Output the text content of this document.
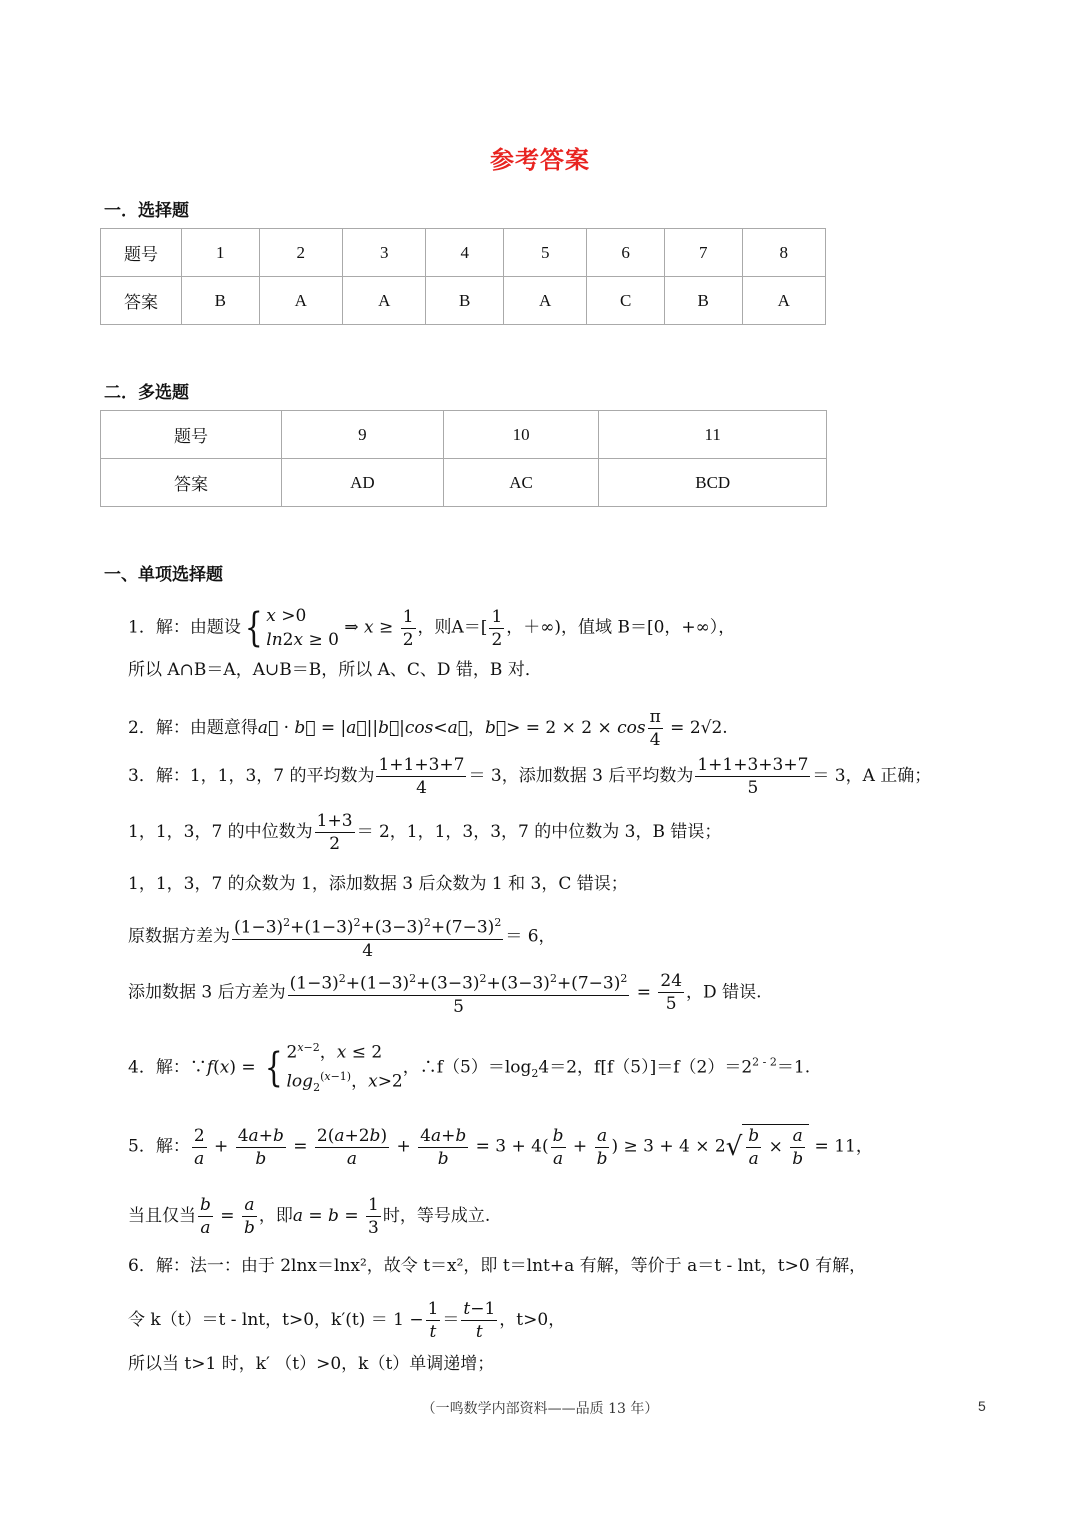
参考答案
一．选择题
题号	1	2	3	4	5	6	7	8
答案	B	A	A	B	A	C	B	A
二．多选题
题号	9	10	11
答案	AD	AC	BCD
一、单项选择题
1．解：由题设{ x >0
ln2x ≥ 0 ⇒ $x \ge \frac{1}{2}$ ，则$A=[ \frac{1}{2}$ ，＋∞)，值域 B＝[0，+∞），
所以 A∩B＝A，A∪B＝B，所以 A、C、D 错，B 对．
2．解：由题意得a⃗ · b⃗ = |a⃗||b⃗|cos<a⃗，b⃗> = $2 \times 2 \times \cos \frac{\pi}{4} = 2√2$.
3．解：1，1，3，7 的平均数为 $\frac{1+1+3+7}{4} = 3$，添加数据 3 后平均数为 $\frac{1+1+3+3+7}{5} = 3$，A 正确；
1，1，3，7 的中位数为 $\frac{1+3}{2} = 2$，1，1，3，3，7 的中位数为 3，B 错误；
1，1，3，7 的众数为 1，添加数据 3 后众数为 1 和 3，C 错误；
原数据方差为 $\frac{(1-3)^2+(1-3)^2+(3-3)^2+(7-3)^2}{4} = 6$，
添加数据 3 后方差为 $\frac{(1-3)^2+(1-3)^2+(3-3)^2+(3-3)^2+(7-3)^2}{5} = \frac{24}{5}$ ，D 错误.
4．解：∵f(x) = { $2^{x-2}$，x ≤ 2
$\log_2^{(x-1)}$，x>2，$\therefore f(5)=\log_24=2$，$f[f(5)]=f(2)=2^{2 - 2}=1$.
5．解： $\frac{2}{a} + \frac{4a+b}{b} = \frac{2(a+2b)}{a} + \frac{4a+b}{b} = 3 + 4( \frac{b}{a} + \frac{a}{b}$ ) ≥ $3 + 4 \times 2√ \frac{b}{a} \times \frac{a}{b} = 11$，
当且仅当 $\frac{b}{a} = \frac{a}{b}$ ，即$a = b = \frac{1}{3}$ 时，等号成立.
6．解：法一：由于 2lnx＝lnx²，故令 t＝x²，即 t＝lnt+a 有解，等价于 a＝t - lnt，t>0 有解，
令 k（t）＝t - lnt，t>0，$k'(t) = 1 - \frac{1}{t} = \frac{t-1}{t}$ ，t>0，
所以当 t>1 时，k′ （t）>0，k（t）单调递增；
（一鸣数学内部资料——品质 13 年）	5
